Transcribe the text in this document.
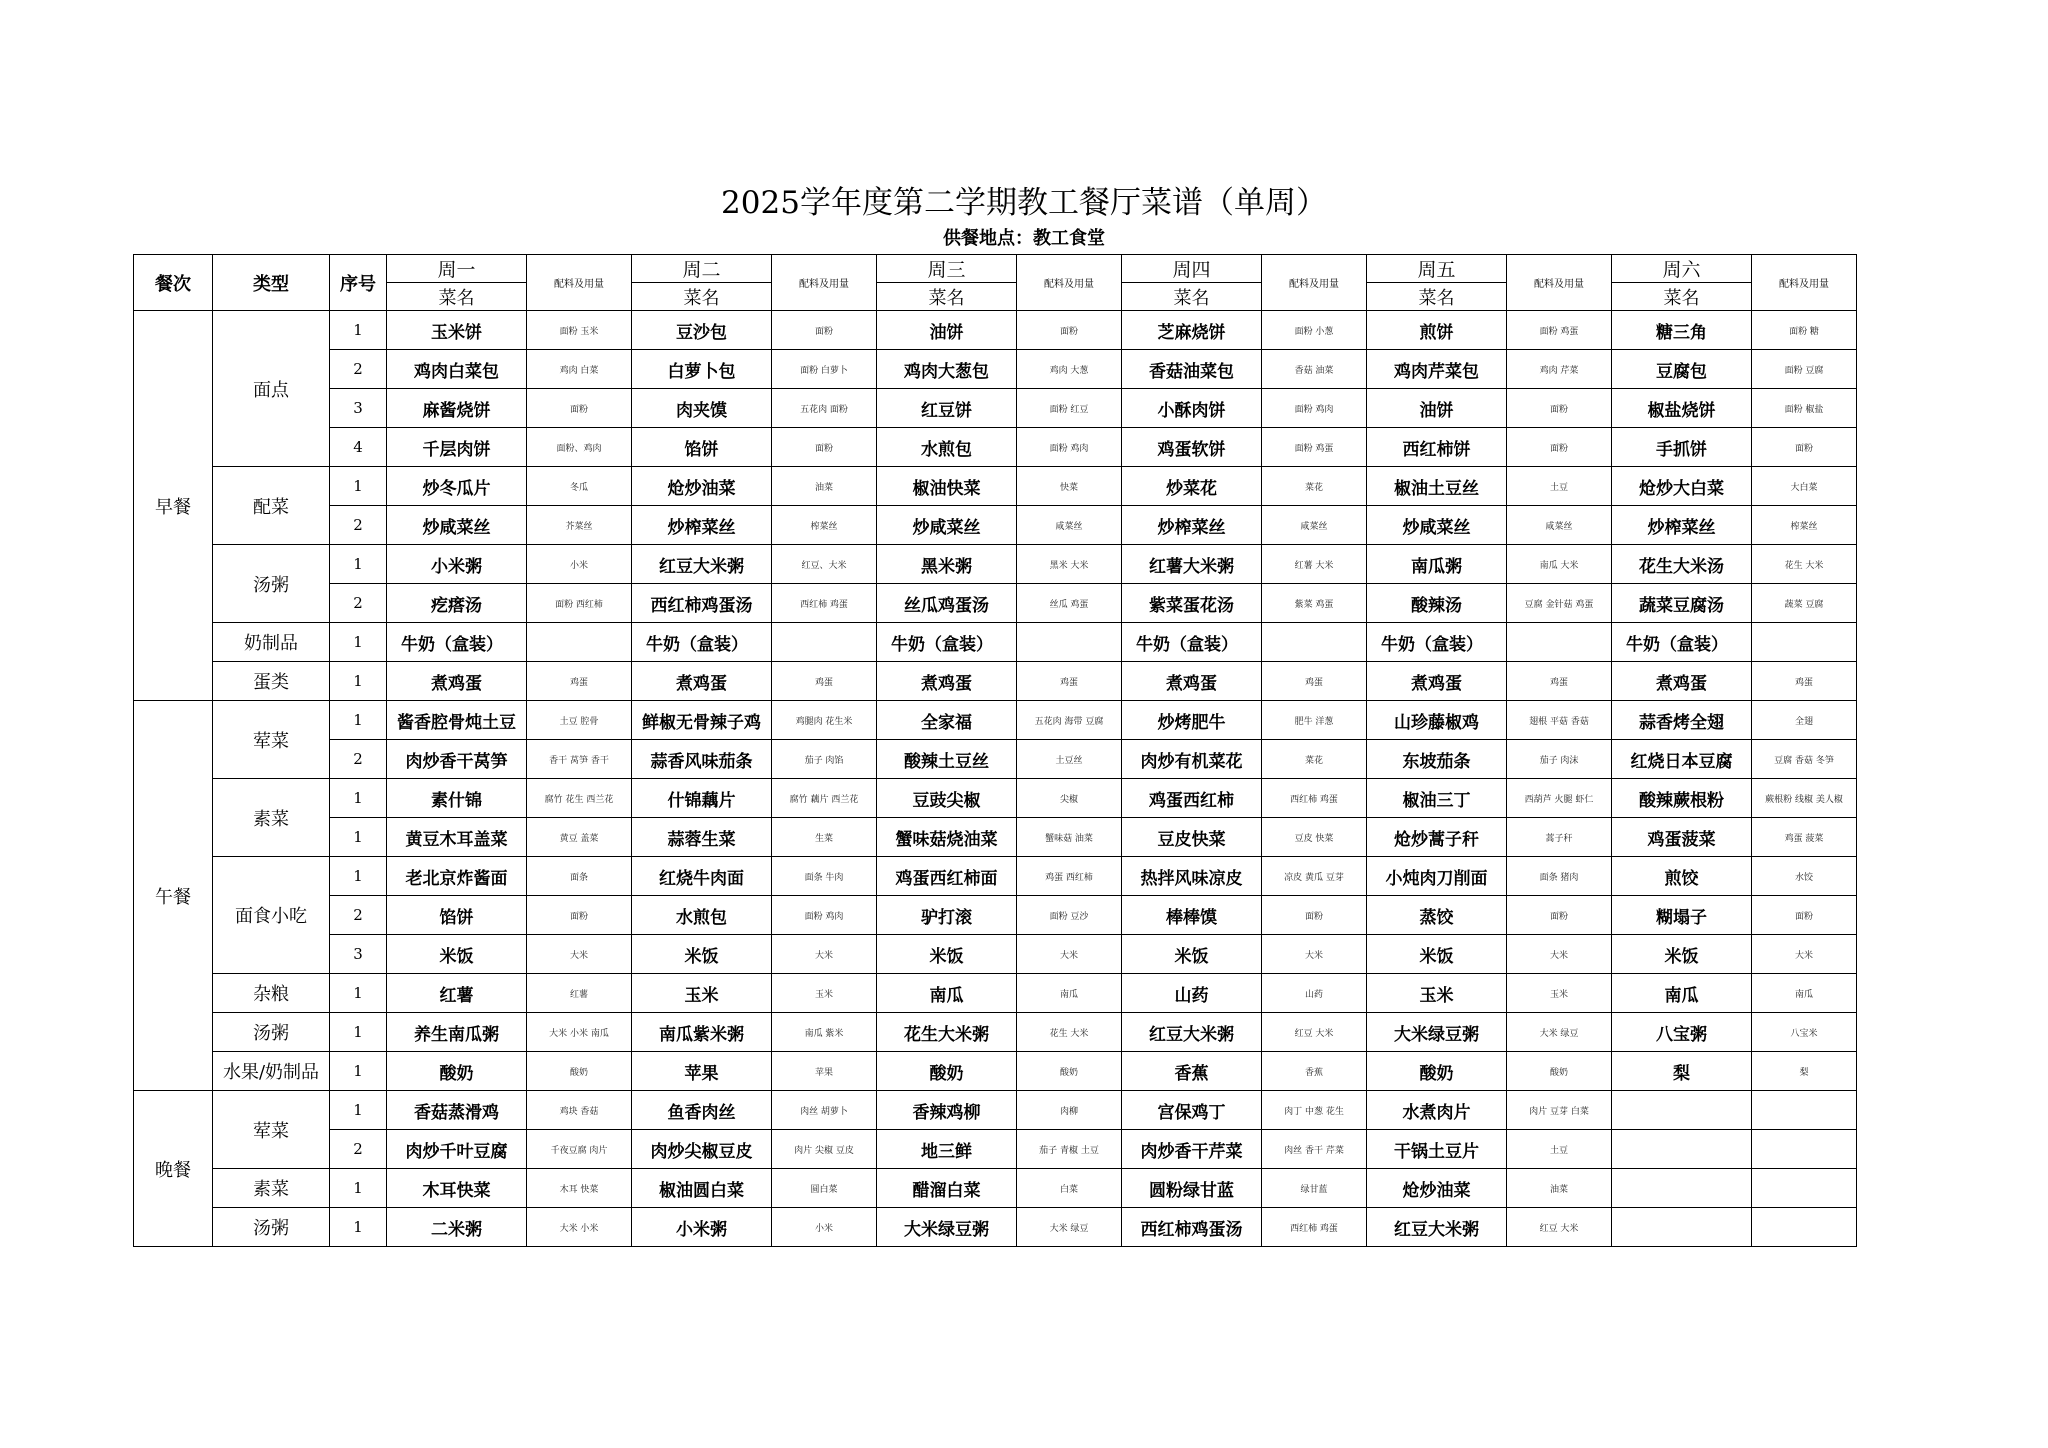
2025学年度第二学期教工餐厅菜谱（单周）
供餐地点：教工食堂
餐次	类型	序号	周一	配料及用量	周二	配料及用量	周三	配料及用量	周四	配料及用量	周五	配料及用量	周六	配料及用量
			菜名		菜名		菜名		菜名		菜名		菜名	
早餐	面点	1	玉米饼	面粉 玉米	豆沙包	面粉	油饼	面粉	芝麻烧饼	面粉 小葱	煎饼	面粉 鸡蛋	糖三角	面粉 糖
		2	鸡肉白菜包	鸡肉 白菜	白萝卜包	面粉 白萝卜	鸡肉大葱包	鸡肉 大葱	香菇油菜包	香菇 油菜	鸡肉芹菜包	鸡肉 芹菜	豆腐包	面粉 豆腐
		3	麻酱烧饼	面粉	肉夹馍	五花肉 面粉	红豆饼	面粉 红豆	小酥肉饼	面粉 鸡肉	油饼	面粉	椒盐烧饼	面粉 椒盐
		4	千层肉饼	面粉、鸡肉	馅饼	面粉	水煎包	面粉 鸡肉	鸡蛋软饼	面粉 鸡蛋	西红柿饼	面粉	手抓饼	面粉
	配菜	1	炒冬瓜片	冬瓜	炝炒油菜	油菜	椒油快菜	快菜	炒菜花	菜花	椒油土豆丝	土豆	炝炒大白菜	大白菜
		2	炒咸菜丝	芥菜丝	炒榨菜丝	榨菜丝	炒咸菜丝	咸菜丝	炒榨菜丝	咸菜丝	炒咸菜丝	咸菜丝	炒榨菜丝	榨菜丝
	汤粥	1	小米粥	小米	红豆大米粥	红豆、大米	黑米粥	黑米 大米	红薯大米粥	红薯 大米	南瓜粥	南瓜 大米	花生大米汤	花生 大米
		2	疙瘩汤	面粉 西红柿	西红柿鸡蛋汤	西红柿 鸡蛋	丝瓜鸡蛋汤	丝瓜 鸡蛋	紫菜蛋花汤	紫菜 鸡蛋	酸辣汤	豆腐 金针菇 鸡蛋	蔬菜豆腐汤	蔬菜 豆腐
	奶制品	1	牛奶（盒装）		牛奶（盒装）		牛奶（盒装）		牛奶（盒装）		牛奶（盒装）		牛奶（盒装）	
	蛋类	1	煮鸡蛋	鸡蛋	煮鸡蛋	鸡蛋	煮鸡蛋	鸡蛋	煮鸡蛋	鸡蛋	煮鸡蛋	鸡蛋	煮鸡蛋	鸡蛋
午餐	荤菜	1	酱香腔骨炖土豆	土豆 腔骨	鲜椒无骨辣子鸡	鸡腿肉 花生米	全家福	五花肉 海带 豆腐	炒烤肥牛	肥牛 洋葱	山珍藤椒鸡	翅根 平菇 香菇	蒜香烤全翅	全翅
		2	肉炒香干莴笋	香干 莴笋 香干	蒜香风味茄条	茄子 肉馅	酸辣土豆丝	土豆丝	肉炒有机菜花	菜花	东坡茄条	茄子 肉沫	红烧日本豆腐	豆腐 香菇 冬笋
	素菜	1	素什锦	腐竹 花生 西兰花	什锦藕片	腐竹 藕片 西兰花	豆豉尖椒	尖椒	鸡蛋西红柿	西红柿 鸡蛋	椒油三丁	西葫芦 火腿 虾仁	酸辣蕨根粉	蕨根粉 线椒 美人椒
		1	黄豆木耳盖菜	黄豆 盖菜	蒜蓉生菜	生菜	蟹味菇烧油菜	蟹味菇 油菜	豆皮快菜	豆皮 快菜	炝炒蒿子秆	蒿子秆	鸡蛋菠菜	鸡蛋 菠菜
	面食小吃	1	老北京炸酱面	面条	红烧牛肉面	面条 牛肉	鸡蛋西红柿面	鸡蛋 西红柿	热拌风味凉皮	凉皮 黄瓜 豆芽	小炖肉刀削面	面条 猪肉	煎饺	水饺
		2	馅饼	面粉	水煎包	面粉 鸡肉	驴打滚	面粉 豆沙	棒棒馍	面粉	蒸饺	面粉	糊塌子	面粉
		3	米饭	大米	米饭	大米	米饭	大米	米饭	大米	米饭	大米	米饭	大米
	杂粮	1	红薯	红薯	玉米	玉米	南瓜	南瓜	山药	山药	玉米	玉米	南瓜	南瓜
	汤粥	1	养生南瓜粥	大米 小米 南瓜	南瓜紫米粥	南瓜 紫米	花生大米粥	花生 大米	红豆大米粥	红豆 大米	大米绿豆粥	大米 绿豆	八宝粥	八宝米
	水果/奶制品	1	酸奶	酸奶	苹果	苹果	酸奶	酸奶	香蕉	香蕉	酸奶	酸奶	梨	梨
晚餐	荤菜	1	香菇蒸滑鸡	鸡块 香菇	鱼香肉丝	肉丝 胡萝卜	香辣鸡柳	肉柳	宫保鸡丁	肉丁 中葱 花生	水煮肉片	肉片 豆芽 白菜		
		2	肉炒千叶豆腐	千夜豆腐 肉片	肉炒尖椒豆皮	肉片 尖椒 豆皮	地三鲜	茄子 青椒 土豆	肉炒香干芹菜	肉丝 香干 芹菜	干锅土豆片	土豆		
	素菜	1	木耳快菜	木耳 快菜	椒油圆白菜	圆白菜	醋溜白菜	白菜	圆粉绿甘蓝	绿甘蓝	炝炒油菜	油菜		
	汤粥	1	二米粥	大米 小米	小米粥	小米	大米绿豆粥	大米 绿豆	西红柿鸡蛋汤	西红柿 鸡蛋	红豆大米粥	红豆 大米		
